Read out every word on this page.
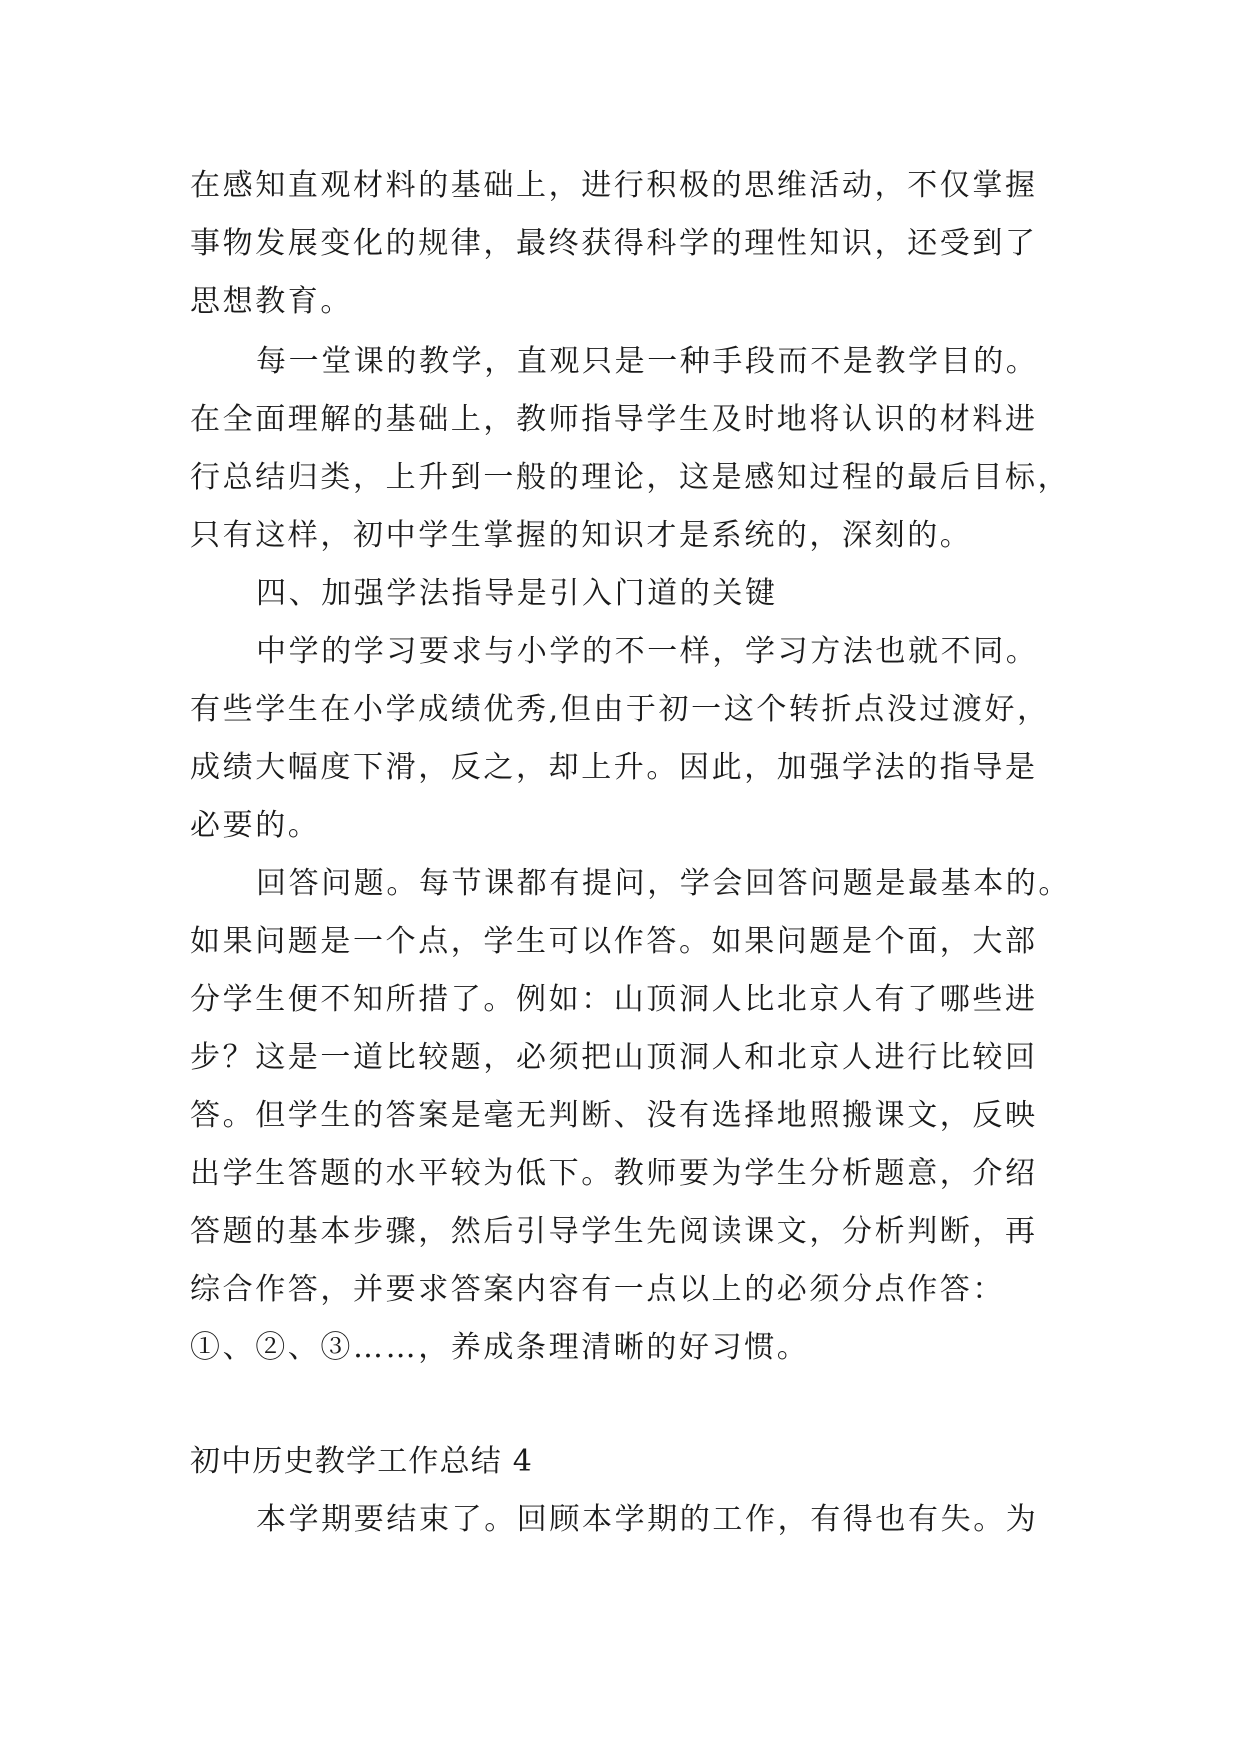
在感知直观材料的基础上，进行积极的思维活动，不仅掌握
事物发展变化的规律，最终获得科学的理性知识，还受到了
思想教育。
每一堂课的教学，直观只是一种手段而不是教学目的。
在全面理解的基础上，教师指导学生及时地将认识的材料进
行总结归类，上升到一般的理论，这是感知过程的最后目标，
只有这样，初中学生掌握的知识才是系统的，深刻的。
四、加强学法指导是引入门道的关键
中学的学习要求与小学的不一样，学习方法也就不同。
有些学生在小学成绩优秀,但由于初一这个转折点没过渡好，
成绩大幅度下滑，反之，却上升。因此，加强学法的指导是
必要的。
回答问题。每节课都有提问，学会回答问题是最基本的。
如果问题是一个点，学生可以作答。如果问题是个面，大部
分学生便不知所措了。例如：山顶洞人比北京人有了哪些进
步？这是一道比较题，必须把山顶洞人和北京人进行比较回
答。但学生的答案是毫无判断、没有选择地照搬课文，反映
出学生答题的水平较为低下。教师要为学生分析题意，介绍
答题的基本步骤，然后引导学生先阅读课文，分析判断，再
综合作答，并要求答案内容有一点以上的必须分点作答：
①、②、③……，养成条理清晰的好习惯。
初中历史教学工作总结 4
本学期要结束了。回顾本学期的工作，有得也有失。为
